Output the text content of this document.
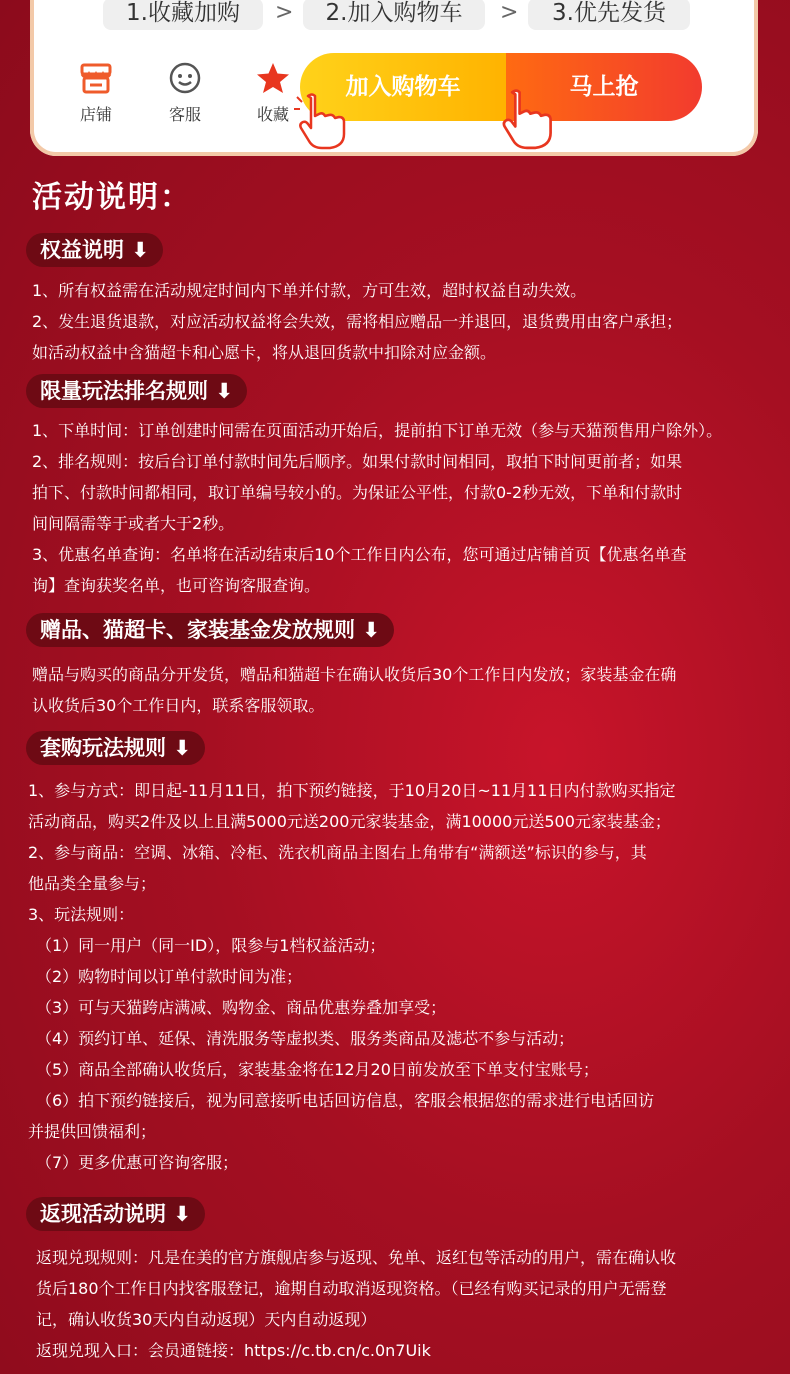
1.收藏加购	>	2.加入购物车	>	3.优先发货
店铺	客服	收藏
加入购物车	马上抢
活动说明：
权益说明 ⬇
1、所有权益需在活动规定时间内下单并付款，方可生效，超时权益自动失效。
2、发生退货退款，对应活动权益将会失效，需将相应赠品一并退回，退货费用由客户承担；
如活动权益中含猫超卡和心愿卡，将从退回货款中扣除对应金额。
限量玩法排名规则 ⬇
1、下单时间：订单创建时间需在页面活动开始后，提前拍下订单无效（参与天猫预售用户除外）。
2、排名规则：按后台订单付款时间先后顺序。如果付款时间相同，取拍下时间更前者；如果
拍下、付款时间都相同，取订单编号较小的。为保证公平性，付款0-2秒无效，下单和付款时
间间隔需等于或者大于2秒。
3、优惠名单查询：名单将在活动结束后10个工作日内公布，您可通过店铺首页【优惠名单查
询】查询获奖名单，也可咨询客服查询。
赠品、猫超卡、家装基金发放规则 ⬇
赠品与购买的商品分开发货，赠品和猫超卡在确认收货后30个工作日内发放；家装基金在确
认收货后30个工作日内，联系客服领取。
套购玩法规则 ⬇
1、参与方式：即日起-11月11日，拍下预约链接，于10月20日~11月11日内付款购买指定
活动商品，购买2件及以上且满5000元送200元家装基金，满10000元送500元家装基金；
2、参与商品：空调、冰箱、冷柜、洗衣机商品主图右上角带有“满额送”标识的参与，其
他品类全量参与；
3、玩法规则：
（1）同一用户（同一ID），限参与1档权益活动；
（2）购物时间以订单付款时间为准；
（3）可与天猫跨店满减、购物金、商品优惠券叠加享受；
（4）预约订单、延保、清洗服务等虚拟类、服务类商品及滤芯不参与活动；
（5）商品全部确认收货后，家装基金将在12月20日前发放至下单支付宝账号；
（6）拍下预约链接后，视为同意接听电话回访信息，客服会根据您的需求进行电话回访
并提供回馈福利；
（7）更多优惠可咨询客服；
返现活动说明 ⬇
返现兑现规则：凡是在美的官方旗舰店参与返现、免单、返红包等活动的用户，需在确认收
货后180个工作日内找客服登记，逾期自动取消返现资格。（已经有购买记录的用户无需登
记，确认收货30天内自动返现）天内自动返现）
返现兑现入口：会员通链接：https://c.tb.cn/c.0n7Uik
